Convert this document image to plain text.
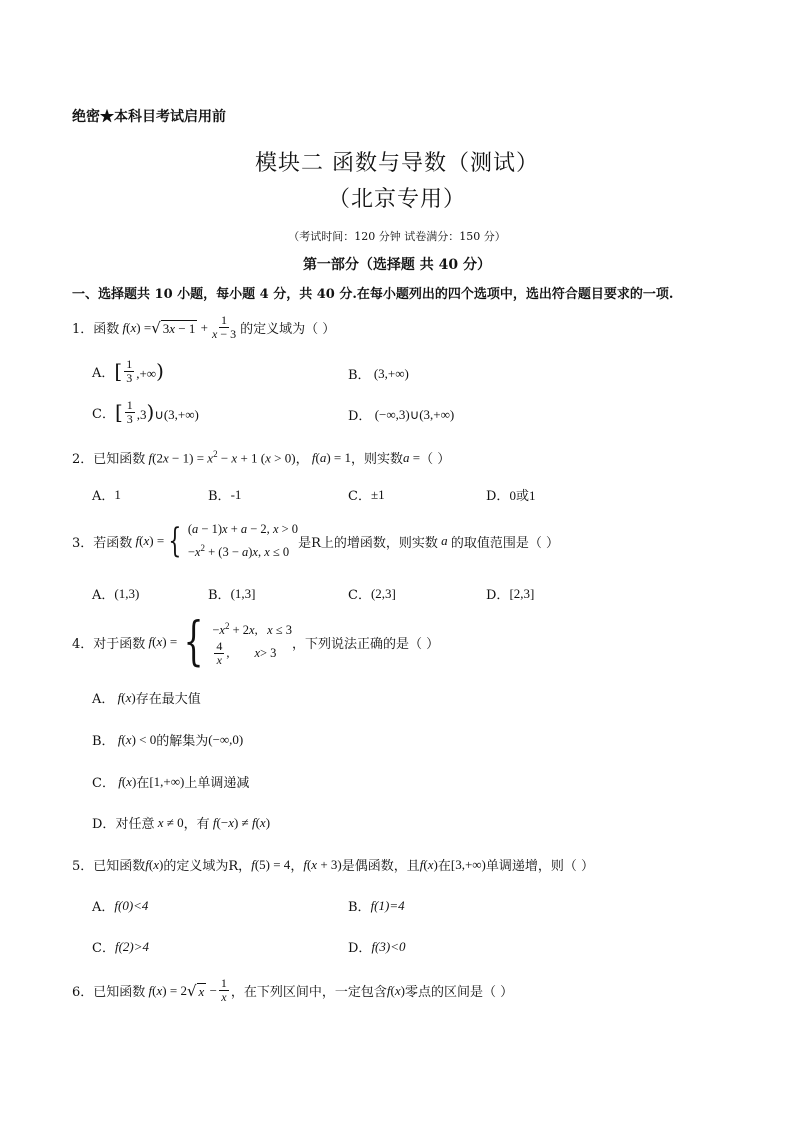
绝密★本科目考试启用前
模块二 函数与导数（测试）
（北京专用）
（考试时间：120 分钟 试卷满分：150 分）
第一部分（选择题 共 40 分）
一、选择题共 10 小题，每小题 4 分，共 40 分.在每小题列出的四个选项中，选出符合题目要求的一项.
1． 函数 f(x) = √ $3x - 1 + \frac{1}{x - 3}$ 的定义域为（ ）
A． [ $\frac{1}{3}$ ,+∞)	B． (3,+∞)
C． [ $\frac{1}{3}$ ,3)∪(3,+∞)	D． (−∞,3)∪(3,+∞)
2． 已知函数 $f(2x - 1) = x^2 - x + 1$ (x > 0) ， f(a) = 1 ，则实数 a = （ ）
A． 1	B． -1	C． ±1	D． 0或1
3． 若函数 f(x) = { (a − 1)x + a − 2, x > 0
$-x^2 + (3 - a)x$, x ≤ 0
是R上的增函数，则实数 a 的取值范围是（ ）
A． (1,3)	B． (1,3]	C． (2,3]	D． [2,3]
4． 对于函数 f(x) = { $-x^2 + 2x$,   x ≤ 3
$\frac{4}{x}$ , x > 3
，下列说法正确的是（ ）
A． f(x) 存在最大值
B． f(x) < 0 的解集为 (−∞,0)
C． f(x) 在 [1,+∞) 上单调递减
D． 对任意 x ≠ 0 ，有 f(−x) ≠ f(x)
5． 已知函数 f(x) 的定义域为R， f(5) = 4 ， f(x + 3) 是偶函数，且 f(x) 在 [3,+∞) 单调递增，则（ ）
A． f(0)<4	B． f(1)=4
C． f(2)>4	D． f(3)<0
6． 已知函数 f(x) = 2 √ $x - \frac{1}{x}$ ，在下列区间中，一定包含 f(x) 零点的区间是（ ）
